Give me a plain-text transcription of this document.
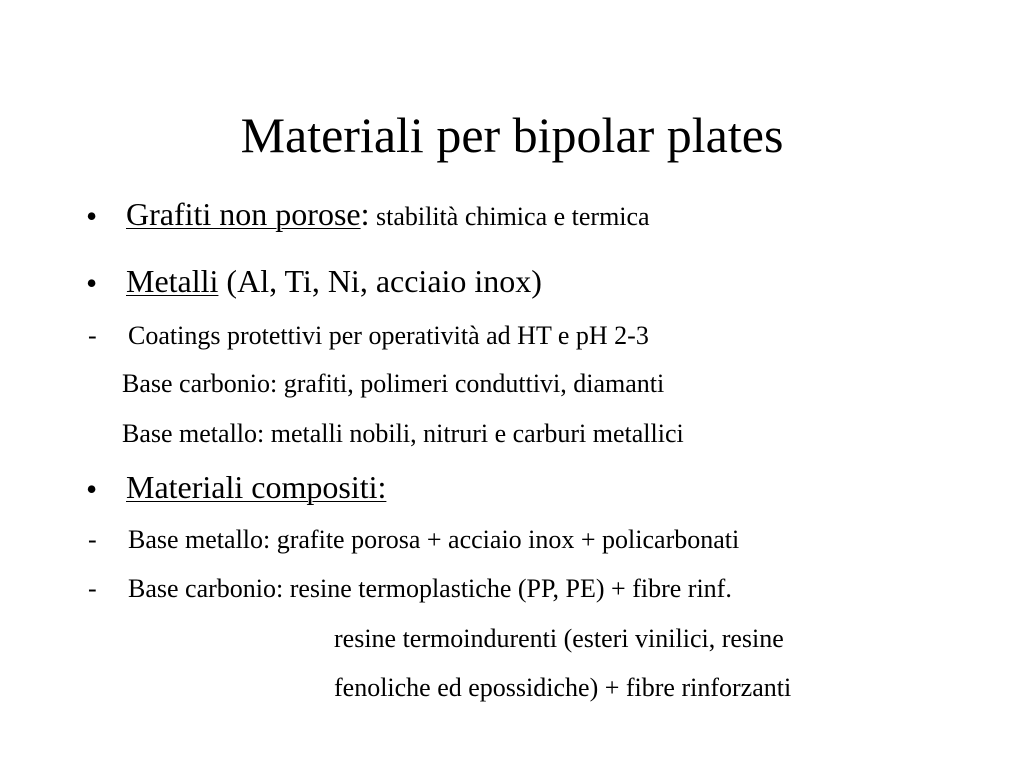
Materiali per bipolar plates
• Grafiti non porose: stabilità chimica e termica
• Metalli (Al, Ti, Ni, acciaio inox)
- Coatings protettivi per operatività ad HT e pH 2-3
Base carbonio: grafiti, polimeri conduttivi, diamanti
Base metallo: metalli nobili, nitruri e carburi metallici
• Materiali compositi:
- Base metallo: grafite porosa + acciaio inox + policarbonati
- Base carbonio: resine termoplastiche (PP, PE) + fibre rinf.
resine termoindurenti (esteri vinilici, resine
fenoliche ed epossidiche) + fibre rinforzanti
